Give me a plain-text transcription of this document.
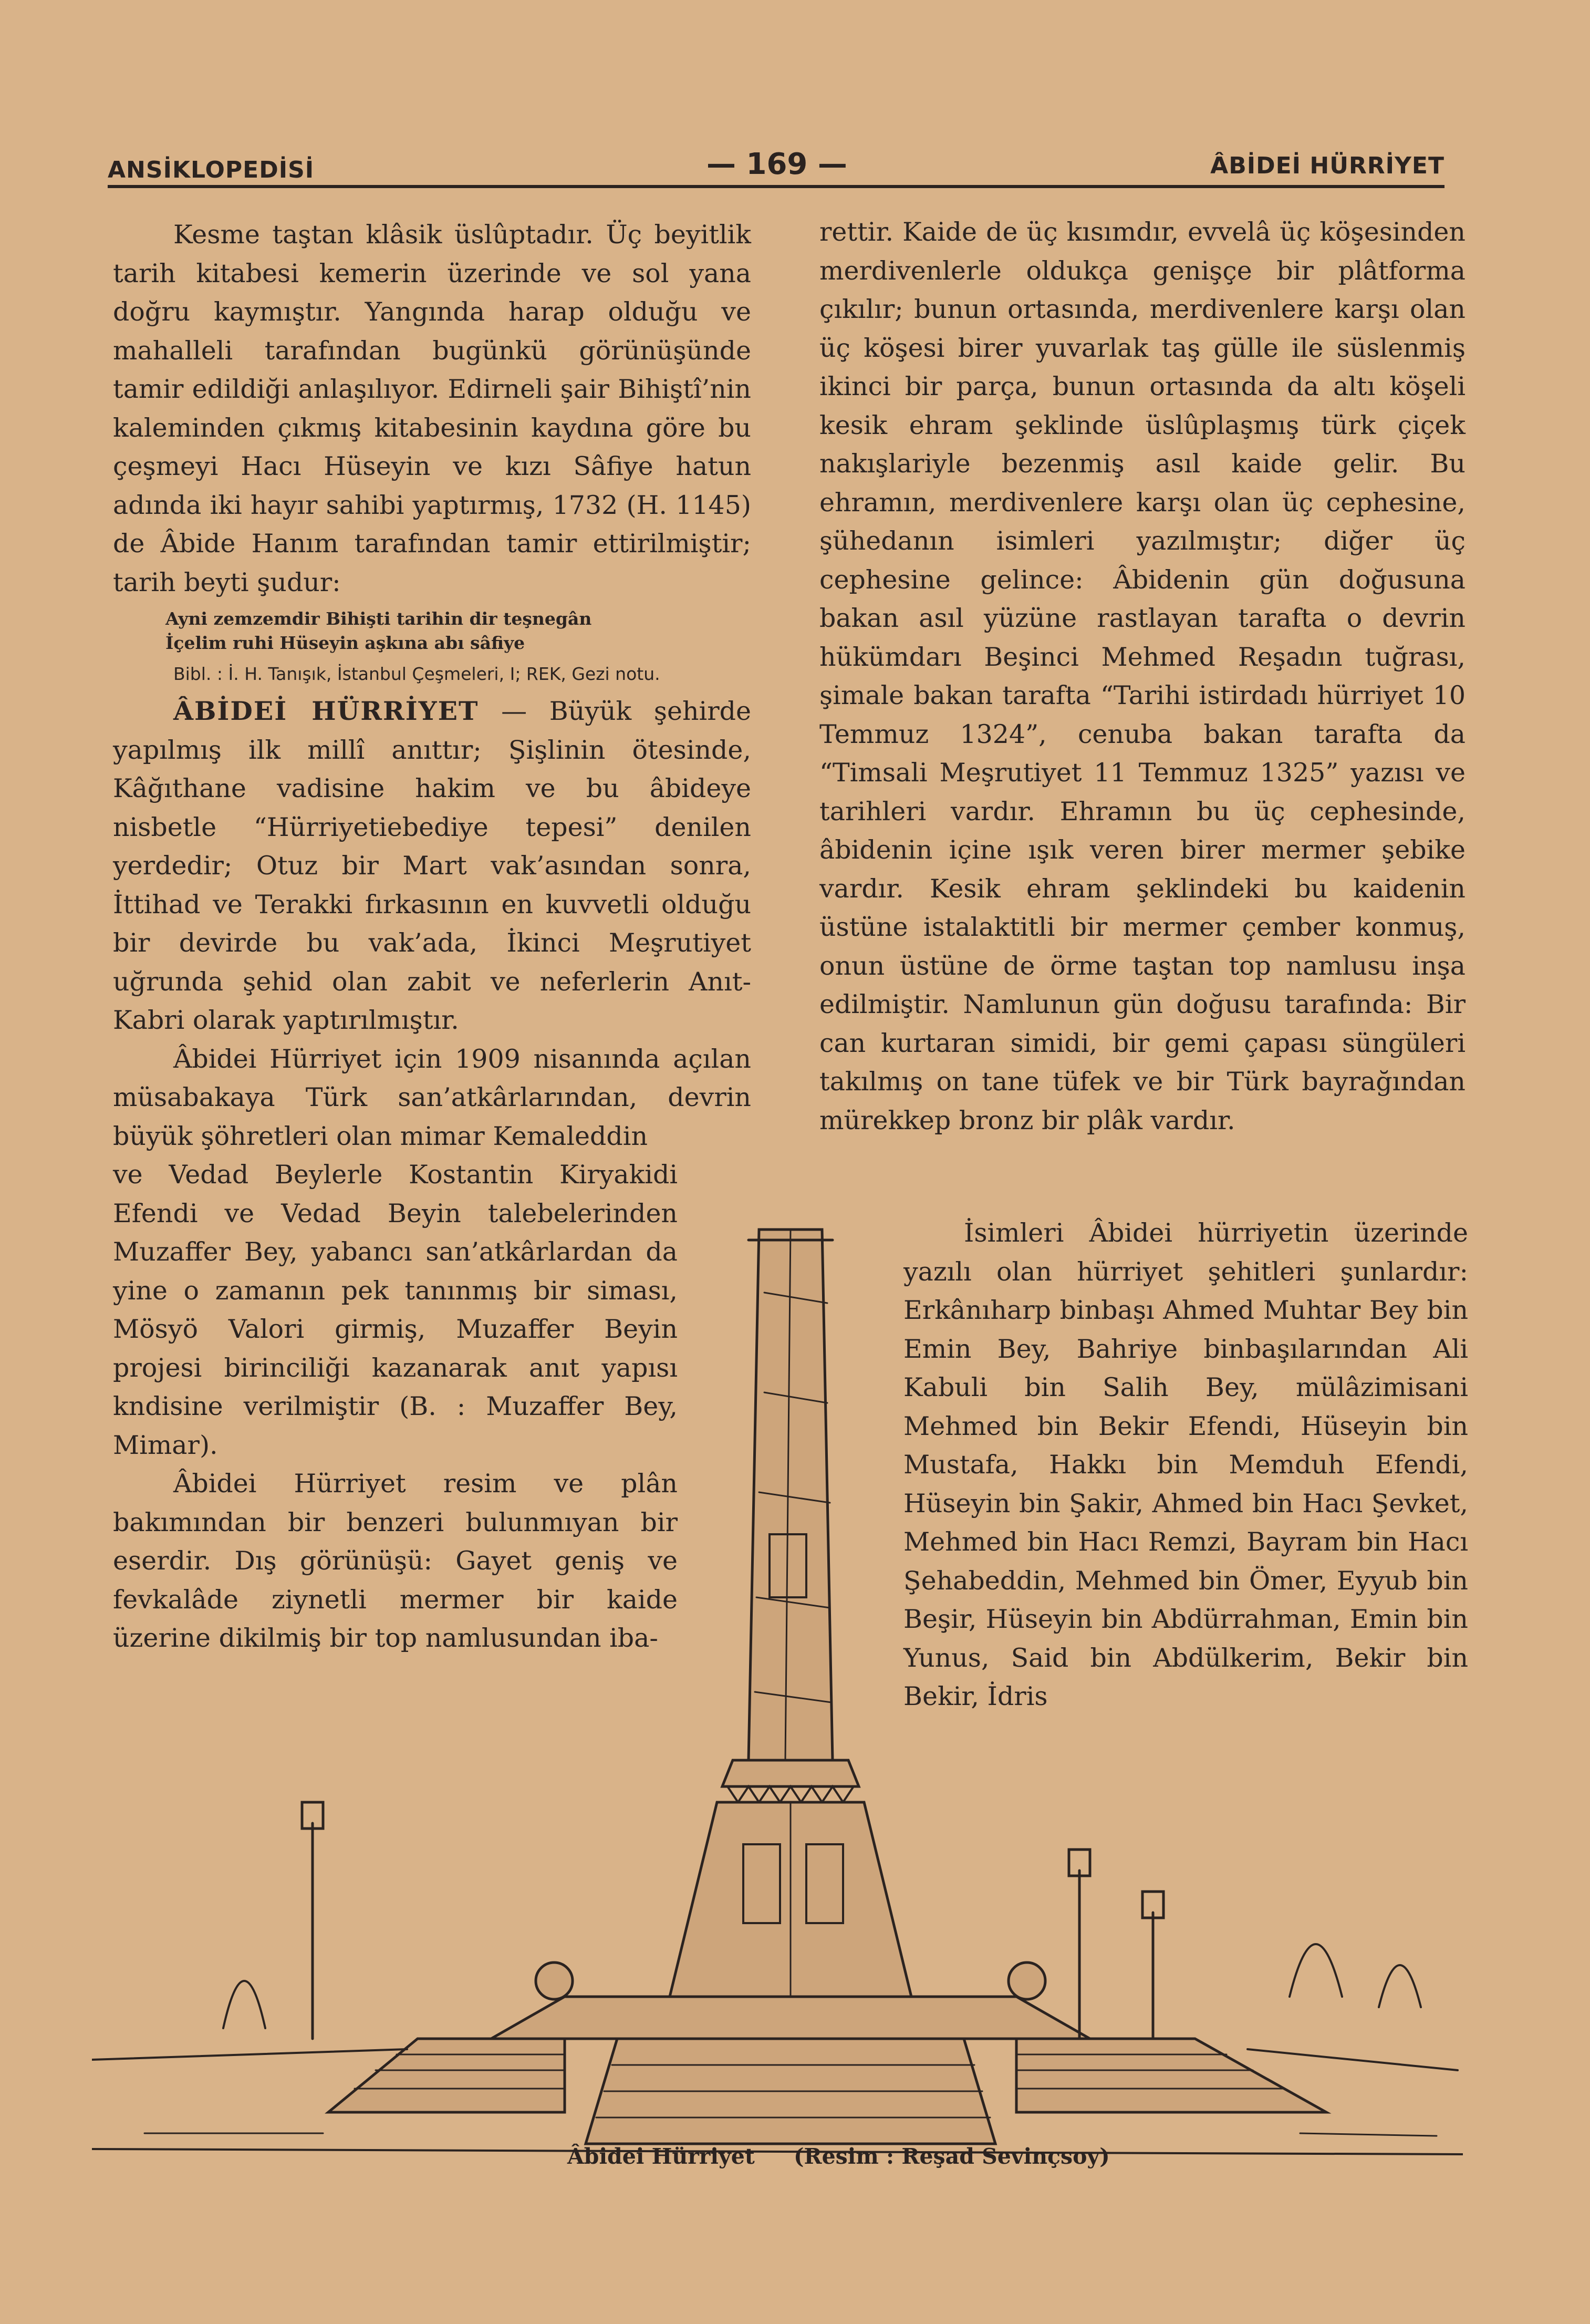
ANSİKLOPEDİSİ	— 169 —	ÂBİDEİ HÜRRİYET

Kesme taştan klâsik üslûptadır. Üç beyitlik tarih kitabesi kemerin üzerinde ve sol yana doğru kaymıştır. Yangında harap olduğu ve mahalleli tarafından bugünkü görünüşünde tamir edildiği anlaşılıyor. Edirneli şair Bihiştî’nin kaleminden çıkmış kitabesinin kaydına göre bu çeşmeyi Hacı Hüseyin ve kızı Sâfiye hatun adında iki hayır sahibi yaptırmış, 1732 (H. 1145) de Âbide Hanım tarafından tamir ettirilmiştir; tarih beyti şudur:

Ayni zemzemdir Bihişti tarihin dir teşnegân
İçelim ruhi Hüseyin aşkına abı sâfiye

Bibl. : İ. H. Tanışık, İstanbul Çeşmeleri, I; REK, Gezi notu.

ÂBİDEİ HÜRRİYET — Büyük şehirde yapılmış ilk millî anıttır; Şişlinin ötesinde, Kâğıthane vadisine hakim ve bu âbideye nisbetle “Hürriyetiebediye tepesi” denilen yerdedir; Otuz bir Mart vak’asından sonra, İttihad ve Terakki fırkasının en kuvvetli olduğu bir devirde bu vak’ada, İkinci Meşrutiyet uğrunda şehid olan zabit ve neferlerin Anıt-Kabri olarak yaptırılmıştır.

Âbidei Hürriyet için 1909 nisanında açılan müsabakaya Türk san’atkârlarından, devrin büyük şöhretleri olan mimar Kemaleddin

ve Vedad Beylerle Kostantin Kiryakidi Efendi ve Vedad Beyin talebelerinden Muzaffer Bey, yabancı san’atkârlardan da yine o zamanın pek tanınmış bir siması, Mösyö Valori girmiş, Muzaffer Beyin projesi birinciliği kazanarak anıt yapısı kndisine verilmiştir (B. : Muzaffer Bey, Mimar).

Âbidei Hürriyet resim ve plân bakımından bir benzeri bulunmıyan bir eserdir. Dış görünüşü: Gayet geniş ve fevkalâde ziynetli mermer bir kaide üzerine dikilmiş bir top namlusundan iba-

rettir. Kaide de üç kısımdır, evvelâ üç köşesinden merdivenlerle oldukça genişçe bir plâtforma çıkılır; bunun ortasında, merdivenlere karşı olan üç köşesi birer yuvarlak taş gülle ile süslenmiş ikinci bir parça, bunun ortasında da altı köşeli kesik ehram şeklinde üslûplaşmış türk çiçek nakışlariyle bezenmiş asıl kaide gelir. Bu ehramın, merdivenlere karşı olan üç cephesine, şühedanın isimleri yazılmıştır; diğer üç cephesine gelince: Âbidenin gün doğusuna bakan asıl yüzüne rastlayan tarafta o devrin hükümdarı Beşinci Mehmed Reşadın tuğrası, şimale bakan tarafta “Tarihi istirdadı hürriyet 10 Temmuz 1324”, cenuba bakan tarafta da “Timsali Meşrutiyet 11 Temmuz 1325” yazısı ve tarihleri vardır. Ehramın bu üç cephesinde, âbidenin içine ışık veren birer mermer şebike vardır. Kesik ehram şeklindeki bu kaidenin üstüne istalaktitli bir mermer çember konmuş, onun üstüne de örme taştan top namlusu inşa edilmiştir. Namlunun gün doğusu tarafında: Bir can kurtaran simidi, bir gemi çapası süngüleri takılmış on tane tüfek ve bir Türk bayrağından mürekkep bronz bir plâk vardır.

İsimleri Âbidei hürriyetin üzerinde yazılı olan hürriyet şehitleri şunlardır: Erkânıharp binbaşı Ahmed Muhtar Bey bin Emin Bey, Bahriye binbaşılarından Ali Kabuli bin Salih Bey, mülâzimisani Mehmed bin Bekir Efendi, Hüseyin bin Mustafa, Hakkı bin Memduh Efendi, Hüseyin bin Şakir, Ahmed bin Hacı Şevket, Mehmed bin Hacı Remzi, Bayram bin Hacı Şehabeddin, Mehmed bin Ömer, Eyyub bin Beşir, Hüseyin bin Abdürrahman, Emin bin Yunus, Said bin Abdülkerim, Bekir bin Bekir, İdris

Âbidei Hürriyet (Resim : Reşad Sevinçsoy)
